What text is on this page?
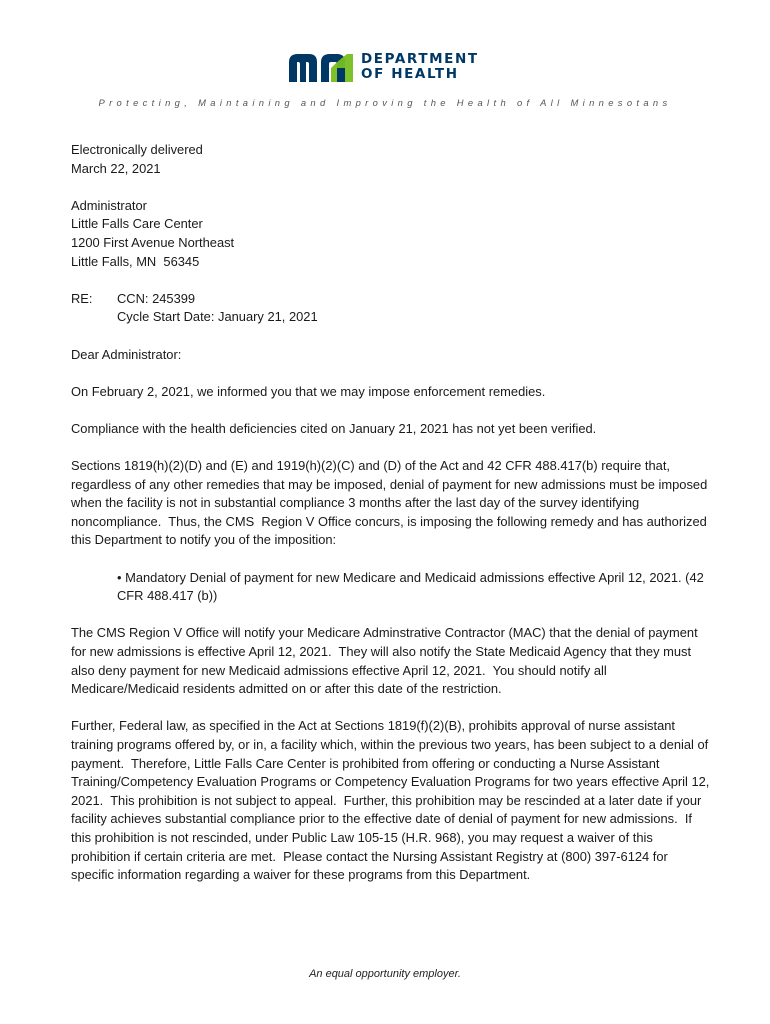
DEPARTMENT
OF HEALTH
Protecting, Maintaining and Improving the Health of All Minnesotans

Electronically delivered

March 22, 2021

Administrator

Little Falls Care Center

1200 First Avenue Northeast

Little Falls, MN  56345

RE:	CCN: 245399

Cycle Start Date: January 21, 2021

Dear Administrator:

On February 2, 2021, we informed you that we may impose enforcement remedies.

Compliance with the health deficiencies cited on January 21, 2021 has not yet been verified.

Sections 1819(h)(2)(D) and (E) and 1919(h)(2)(C) and (D) of the Act and 42 CFR 488.417(b) require that, regardless of any other remedies that may be imposed, denial of payment for new admissions must be imposed when the facility is not in substantial compliance 3 months after the last day of the survey identifying noncompliance.  Thus, the CMS  Region V Office concurs, is imposing the following remedy and has authorized this Department to notify you of the imposition:

• Mandatory Denial of payment for new Medicare and Medicaid admissions effective April 12, 2021. (42 CFR 488.417 (b))

The CMS Region V Office will notify your Medicare Adminstrative Contractor (MAC) that the denial of payment for new admissions is effective April 12, 2021.  They will also notify the State Medicaid Agency that they must also deny payment for new Medicaid admissions effective April 12, 2021.  You should notify all Medicare/Medicaid residents admitted on or after this date of the restriction.

Further, Federal law, as specified in the Act at Sections 1819(f)(2)(B), prohibits approval of nurse assistant training programs offered by, or in, a facility which, within the previous two years, has been subject to a denial of payment.  Therefore, Little Falls Care Center is prohibited from offering or conducting a Nurse Assistant Training/Competency Evaluation Programs or Competency Evaluation Programs for two years effective April 12, 2021.  This prohibition is not subject to appeal.  Further, this prohibition may be rescinded at a later date if your facility achieves substantial compliance prior to the effective date of denial of payment for new admissions.  If this prohibition is not rescinded, under Public Law 105-15 (H.R. 968), you may request a waiver of this prohibition if certain criteria are met.  Please contact the Nursing Assistant Registry at (800) 397-6124 for specific information regarding a waiver for these programs from this Department.

An equal opportunity employer.
